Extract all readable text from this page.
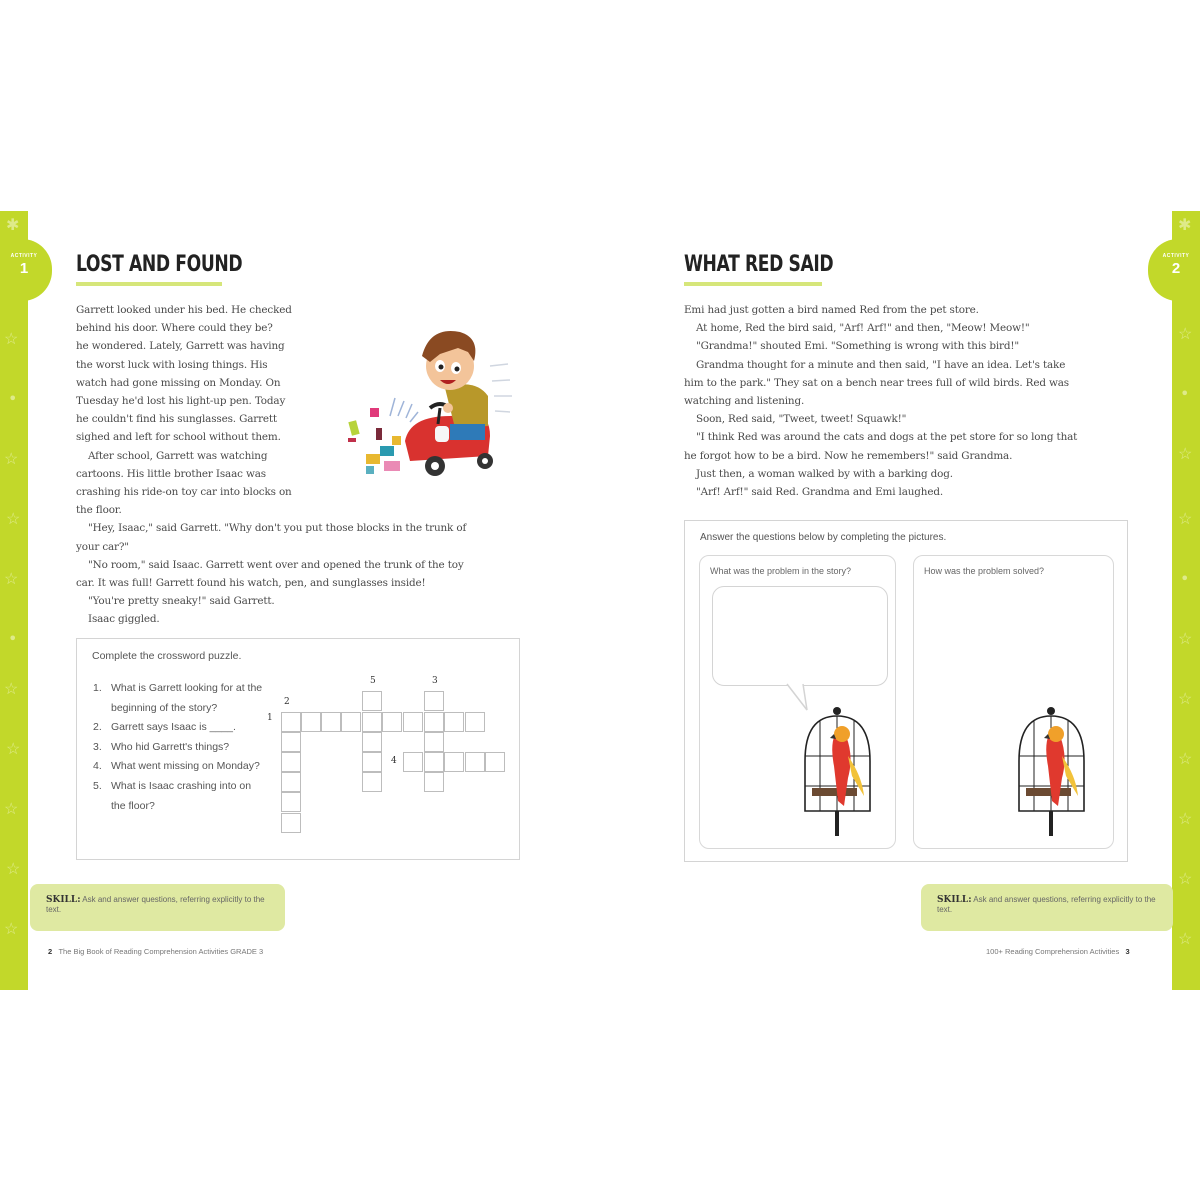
✱
☆
•
☆
☆
☆
•
☆
☆
☆
☆
☆
ACTIVITY
1
✱
☆
•
☆
☆
•
☆
☆
☆
☆
☆
☆
ACTIVITY
2
LOST AND FOUND
Garrett looked under his bed. He checked
behind his door. Where could they be?
he wondered. Lately, Garrett was having
the worst luck with losing things. His
watch had gone missing on Monday. On
Tuesday he'd lost his light-up pen. Today
he couldn't find his sunglasses. Garrett
sighed and left for school without them.
After school, Garrett was watching
cartoons. His little brother Isaac was
crashing his ride-on toy car into blocks on
the floor.
"Hey, Isaac," said Garrett. "Why don't you put those blocks in the trunk of
your car?"
"No room," said Isaac. Garrett went over and opened the trunk of the toy
car. It was full! Garrett found his watch, pen, and sunglasses inside!
"You're pretty sneaky!" said Garrett.
Isaac giggled.
Complete the crossword puzzle.
1. What is Garrett looking for at the beginning of the story?
2. Garrett says Isaac is ____.
3. Who hid Garrett's things?
4. What went missing on Monday?
5. What is Isaac crashing into on the floor?
1
2
5	3
4
SKILL: Ask and answer questions, referring explicitly to the text.
2 The Big Book of Reading Comprehension Activities GRADE 3
WHAT RED SAID
Emi had just gotten a bird named Red from the pet store.
At home, Red the bird said, "Arf! Arf!" and then, "Meow! Meow!"
"Grandma!" shouted Emi. "Something is wrong with this bird!"
Grandma thought for a minute and then said, "I have an idea. Let's take
him to the park." They sat on a bench near trees full of wild birds. Red was
watching and listening.
Soon, Red said, "Tweet, tweet! Squawk!"
"I think Red was around the cats and dogs at the pet store for so long that
he forgot how to be a bird. Now he remembers!" said Grandma.
Just then, a woman walked by with a barking dog.
"Arf! Arf!" said Red. Grandma and Emi laughed.
Answer the questions below by completing the pictures.
What was the problem in the story?	How was the problem solved?
SKILL: Ask and answer questions, referring explicitly to the text.
100+ Reading Comprehension Activities 3
